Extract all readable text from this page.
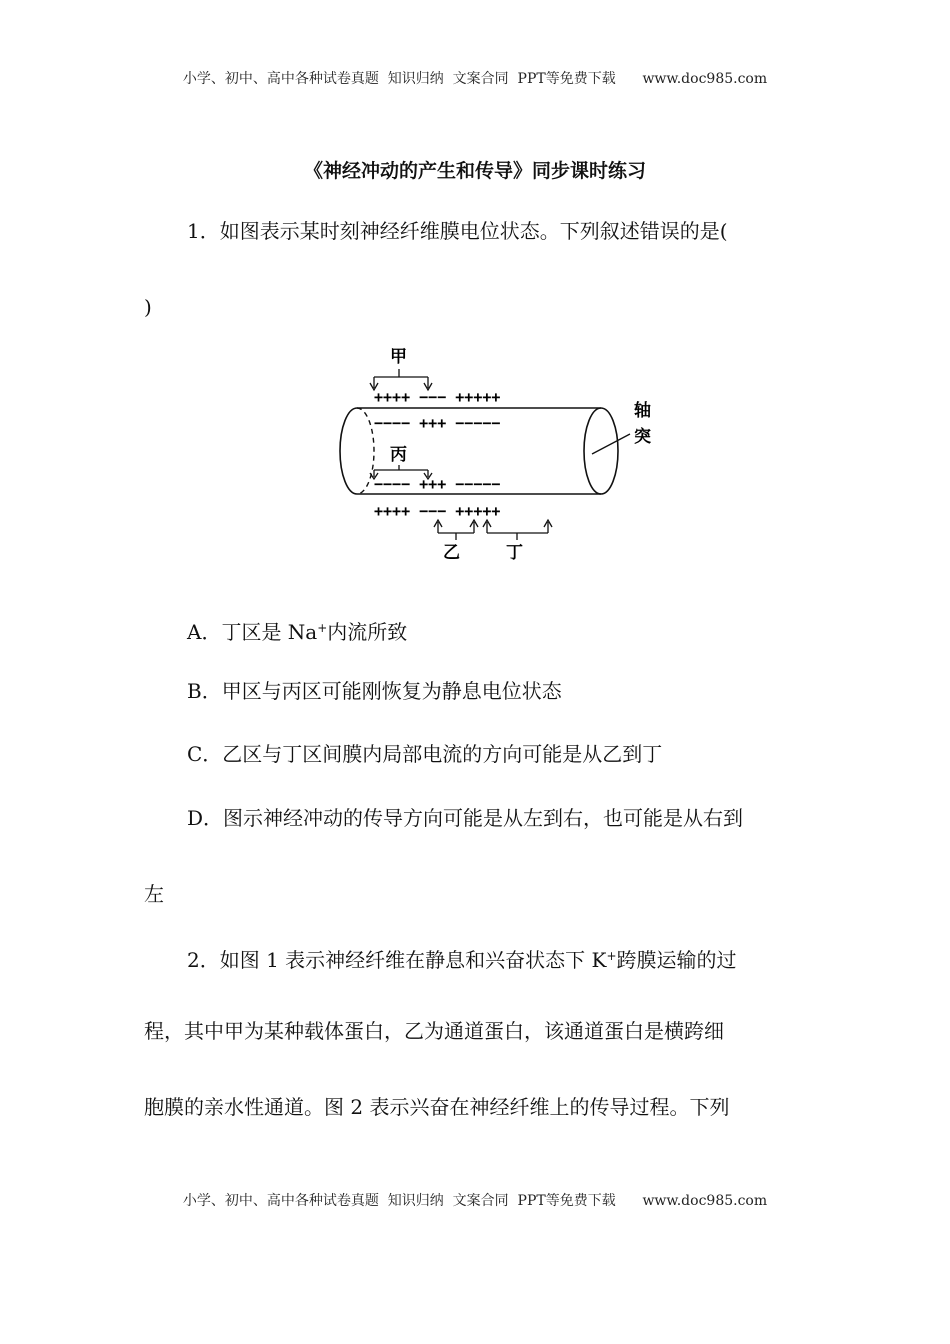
小学、初中、高中各种试卷真题  知识归纳  文案合同  PPT等免费下载      www.doc985.com
《神经冲动的产生和传导》同步课时练习
1．如图表示某时刻神经纤维膜电位状态。下列叙述错误的是(
)
++++ −−− +++++
−−−− +++ −−−−−
−−−− +++ −−−−−
++++ −−− +++++
甲
丙
乙	丁
轴
突
A．丁区是 Na+内流所致
B．甲区与丙区可能刚恢复为静息电位状态
C．乙区与丁区间膜内局部电流的方向可能是从乙到丁
D．图示神经冲动的传导方向可能是从左到右，也可能是从右到
左
2．如图 1 表示神经纤维在静息和兴奋状态下 K+跨膜运输的过
程，其中甲为某种载体蛋白，乙为通道蛋白，该通道蛋白是横跨细
胞膜的亲水性通道。图 2 表示兴奋在神经纤维上的传导过程。下列
小学、初中、高中各种试卷真题  知识归纳  文案合同  PPT等免费下载      www.doc985.com
